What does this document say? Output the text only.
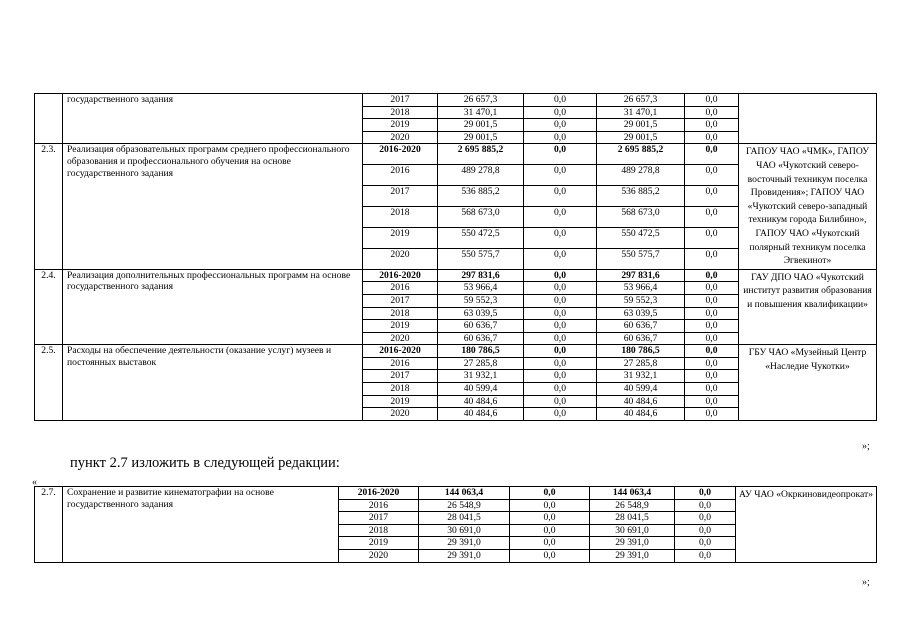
	государственного задания	2017	26 657,3	0,0	26 657,3	0,0	
		2018	31 470,1	0,0	31 470,1	0,0	
		2019	29 001,5	0,0	29 001,5	0,0	
		2020	29 001,5	0,0	29 001,5	0,0	
2.3.	Реализация образовательных программ среднего профессионального образования и профессионального обучения на основе государственного задания	2016-2020	2 695 885,2	0,0	2 695 885,2	0,0	ГАПОУ ЧАО «ЧМК», ГАПОУ ЧАО «Чукотский северо-восточный техникум поселка Провидения»; ГАПОУ ЧАО «Чукотский северо-западный техникум города Билибино», ГАПОУ ЧАО «Чукотский полярный техникум поселка Эгвекинот»
		2016	489 278,8	0,0	489 278,8	0,0	
		2017	536 885,2	0,0	536 885,2	0,0	
		2018	568 673,0	0,0	568 673,0	0,0	
		2019	550 472,5	0,0	550 472,5	0,0	
		2020	550 575,7	0,0	550 575,7	0,0	
2.4.	Реализация дополнительных профессиональных программ на основе государственного задания	2016-2020	297 831,6	0,0	297 831,6	0,0	ГАУ ДПО ЧАО «Чукотский институт развития образования и повышения квалификации»
		2016	53 966,4	0,0	53 966,4	0,0	
		2017	59 552,3	0,0	59 552,3	0,0	
		2018	63 039,5	0,0	63 039,5	0,0	
		2019	60 636,7	0,0	60 636,7	0,0	
		2020	60 636,7	0,0	60 636,7	0,0	
2.5.	Расходы на обеспечение деятельности (оказание услуг) музеев и постоянных выставок	2016-2020	180 786,5	0,0	180 786,5	0,0	ГБУ ЧАО «Музейный Центр «Наследие Чукотки»
		2016	27 285,8	0,0	27 285,8	0,0	
		2017	31 932,1	0,0	31 932,1	0,0	
		2018	40 599,4	0,0	40 599,4	0,0	
		2019	40 484,6	0,0	40 484,6	0,0	
		2020	40 484,6	0,0	40 484,6	0,0	
»;
пункт 2.7 изложить в следующей редакции:
«
2.7.	Сохранение и развитие кинематографии на основе государственного задания	2016-2020	144 063,4	0,0	144 063,4	0,0	АУ ЧАО «Окркиновидеопрокат»
		2016	26 548,9	0,0	26 548,9	0,0	
		2017	28 041,5	0,0	28 041,5	0,0	
		2018	30 691,0	0,0	30 691,0	0,0	
		2019	29 391,0	0,0	29 391,0	0,0	
		2020	29 391,0	0,0	29 391,0	0,0	
»;
